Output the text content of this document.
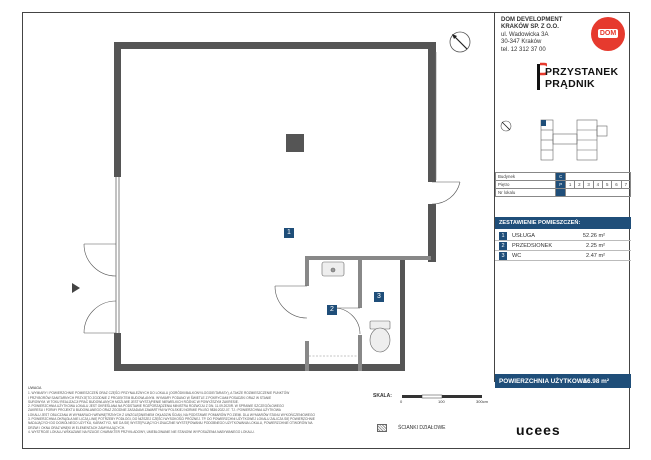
1
2
3
DOM DEVELOPMENT
KRAKÓW SP. Z O.O.
ul. Wadowicka 3A
30-347 Kraków
tel. 12 312 37 00
DOM
PRZYSTANEK
PRĄDNIK
Budynek	C							
Piętro	P	1	2	3	4	5	6	7
Nr lokalu								
ZESTAWIENIE POMIESZCZEŃ:
1	USŁUGA	52.26 m²
2	PRZEDSIONEK	2.25 m²
3	WC	2.47 m²
POWIERZCHNIA UŻYTKOWA:
56.98 m²
UWAGA
1. WYMIARY I POWIERZCHNIE POMIESZCZEŃ ORAZ CZĘŚCI PRZYNALEŻNYCH DO LOKALU (OGRÓDKI/BALKONY/LOGGIE/TARASY), A TAKŻE ROZMIESZCZENIE PUNKTÓW
I PRZYBORÓW SANITARNYCH PRZYJĘTO ZGODNIE Z PROJEKTEM BUDOWLANYM. WYMIARY PODANO W ŚWIETLE Z POKRYCIAMI POSADZKI ORAZ W STANIE
SUROWYM. W TOKU REALIZACJI PRAC BUDOWLANYCH MOŻLIWE JEST WYSTĄPIENIE NIEWIELKICH RÓŻNIC W POWYŻSZYM ZAKRESIE.
2. POWIERZCHNIA UŻYTKOWA LOKALU JEST OKREŚLANA NA PODSTAWIE ROZPORZĄDZENIA MINISTRA ROZWOJU Z DN. 11.09.2020R. W SPRAWIE SZCZEGÓŁOWEGO
ZAKRESU I FORMY PROJEKTU BUDOWLANEGO ORAZ ZGODNIE ZASADAMI ZAWARTYMI W POLSKIEJ NORMIE PN-ISO 9836:2022-07. TJ.: POWIERZCHNIA UŻYTKOWA
LOKALU JEST OBLICZANA W WYMIARACH WEWNĘTRZNYCH Z UWZGLĘDNIENIEM OKŁADZIN ŚCIAN, NA PODSTAWIE POMIARÓW PO ZIEMI. DLA WYMIARÓW STANU WYKOŃCZENIOWEGO
3. POWIERZCHNIA OKRĄGŁA NIE LICZĄ LINIĘ POTRZEBY PODŁOGI, DO NIŻSZEJ CZĘŚCI WYSOKOŚCI PRÓŻNEJ. TP. DO POWIERZCHNI UŻYTKOWEJ LOKALU ZALICZA SIĘ POWIERZCHNIE
NADAJĄCYCH DO DOWOLNEGO UŻYTKU, KARAKTYCI, NIE DA SIĘ WYSTĘPUJĄCYCH ZNACZNIE WYSTĘPOWANIU PODOBNEGO UŻYTKOWANIA LOKALU, POWIERZCHNIE OTWORÓW NA
DRZWI I OKNA ORAZ WNĘKI W ELEMENTACH ZAMYKAJĄCYCH.
4. WYSTROJE LOKALU WSKAZANE NA RZUCIE CHARAKTER PRZYKŁADOWY, UMEBLOWANIE NIE STANOWI WYPOSAŻENIA NABYWANEGO LOKALU.
SKALA:
0	100	300cm
ŚCIANKI DZIAŁOWE	ucees
